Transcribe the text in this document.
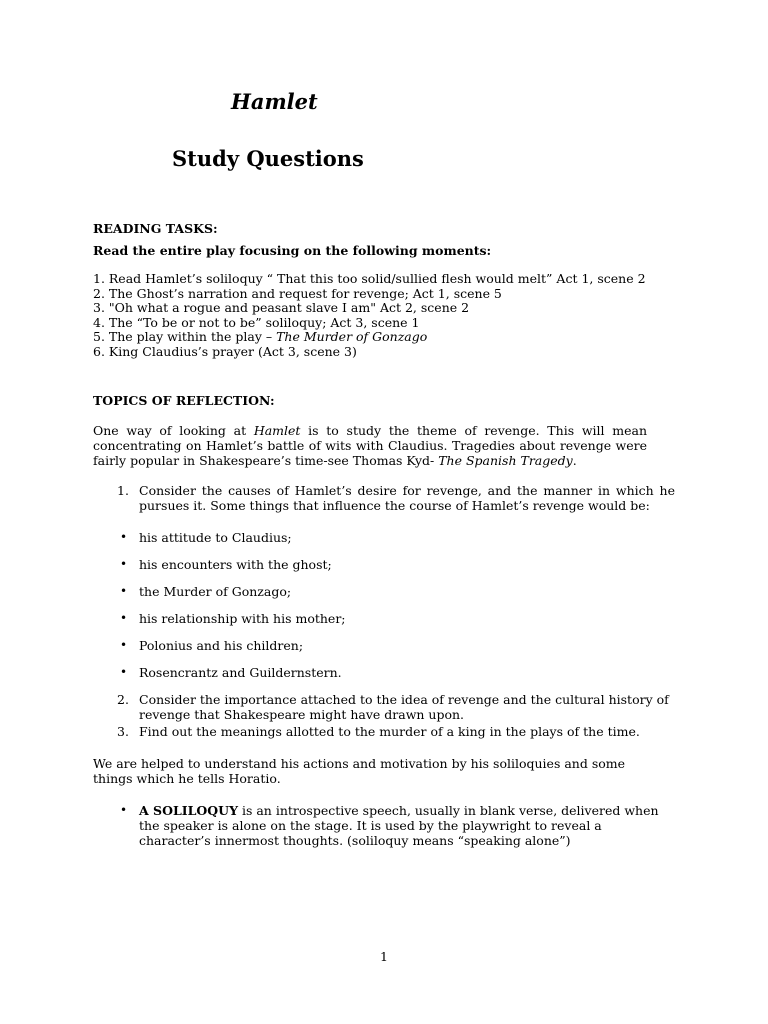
Hamlet
Study Questions
READING TASKS:
Read the entire play focusing on the following moments:
1. Read Hamlet’s soliloquy “ That this too solid/sullied flesh would melt” Act 1, scene 2
2. The Ghost’s narration and request for revenge; Act 1, scene 5
3. "Oh what a rogue and peasant slave I am" Act 2, scene 2
4. The “To be or not to be” soliloquy; Act 3, scene 1
5. The play within the play – The Murder of Gonzago
6. King Claudius’s prayer (Act 3, scene 3)
TOPICS OF REFLECTION:
One way of looking at Hamlet is to study the theme of revenge. This will mean concentrating on Hamlet’s battle of wits with Claudius. Tragedies about revenge were fairly popular in Shakespeare’s time-see Thomas Kyd- The Spanish Tragedy.
1. Consider the causes of Hamlet’s desire for revenge, and the manner in which he pursues it. Some things that influence the course of Hamlet’s revenge would be:
• his attitude to Claudius;
• his encounters with the ghost;
• the Murder of Gonzago;
• his relationship with his mother;
• Polonius and his children;
• Rosencrantz and Guildernstern.
2. Consider the importance attached to the idea of revenge and the cultural history of revenge that Shakespeare might have drawn upon.
3. Find out the meanings allotted to the murder of a king in the plays of the time.
We are helped to understand his actions and motivation by his soliloquies and some things which he tells Horatio.
• A SOLILOQUY is an introspective speech, usually in blank verse, delivered when the speaker is alone on the stage. It is used by the playwright to reveal a character’s innermost thoughts. (soliloquy means “speaking alone”)
1
